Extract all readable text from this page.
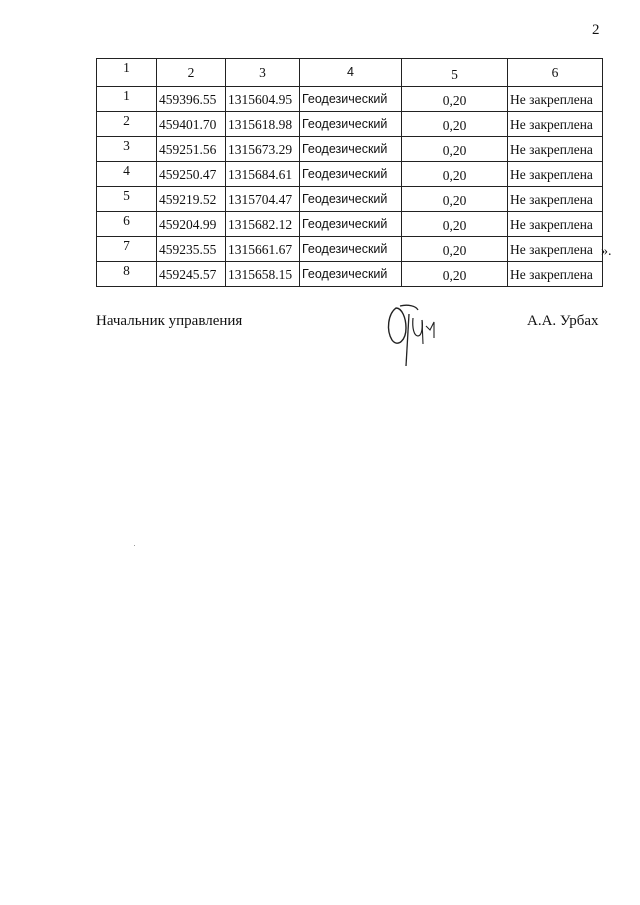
2
1	2	3	4	5	6
1	459396.55	1315604.95	Геодезический	0,20	Не закреплена
2	459401.70	1315618.98	Геодезический	0,20	Не закреплена
3	459251.56	1315673.29	Геодезический	0,20	Не закреплена
4	459250.47	1315684.61	Геодезический	0,20	Не закреплена
5	459219.52	1315704.47	Геодезический	0,20	Не закреплена
6	459204.99	1315682.12	Геодезический	0,20	Не закреплена
7	459235.55	1315661.67	Геодезический	0,20	Не закреплена
8	459245.57	1315658.15	Геодезический	0,20	Не закреплена
».
Начальник управления	А.А. Урбах
